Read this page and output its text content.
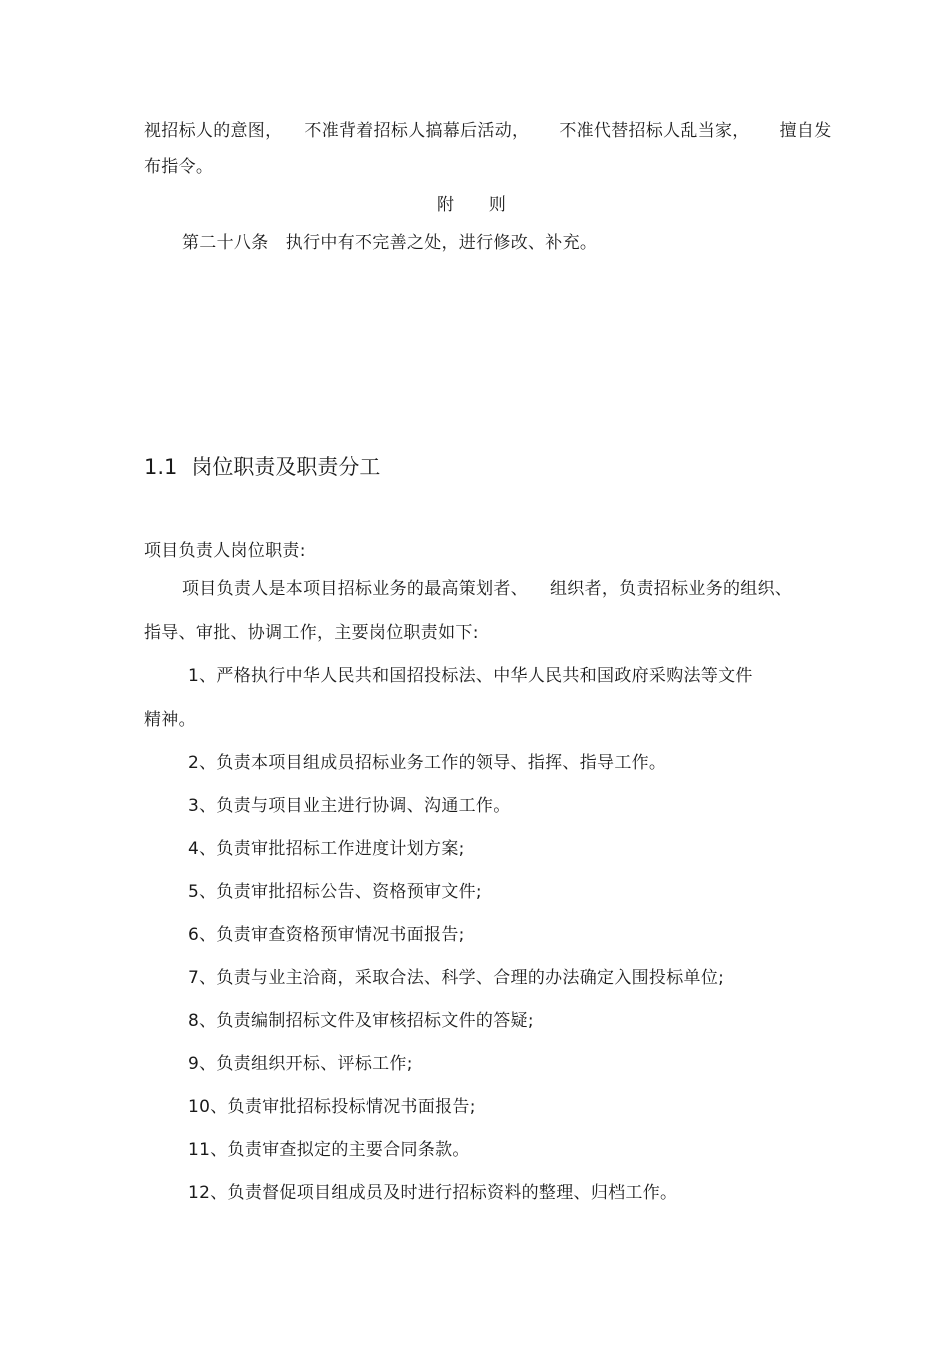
视招标人的意图， 不准背着招标人搞幕后活动， 不准代替招标人乱当家， 擅自发
布指令。
附　　则
第二十八条　执行中有不完善之处，进行修改、补充。
1.1 岗位职责及职责分工
项目负责人岗位职责:
项目负责人是本项目招标业务的最高策划者、 组织者，负责招标业务的组织、
指导、审批、协调工作，主要岗位职责如下:
1、严格执行中华人民共和国招投标法、中华人民共和国政府采购法等文件
精神。
2、负责本项目组成员招标业务工作的领导、指挥、指导工作。
3、负责与项目业主进行协调、沟通工作。
4、负责审批招标工作进度计划方案;
5、负责审批招标公告、资格预审文件;
6、负责审查资格预审情况书面报告;
7、负责与业主洽商，采取合法、科学、合理的办法确定入围投标单位;
8、负责编制招标文件及审核招标文件的答疑;
9、负责组织开标、评标工作;
10、负责审批招标投标情况书面报告;
11、负责审查拟定的主要合同条款。
12、负责督促项目组成员及时进行招标资料的整理、归档工作。
